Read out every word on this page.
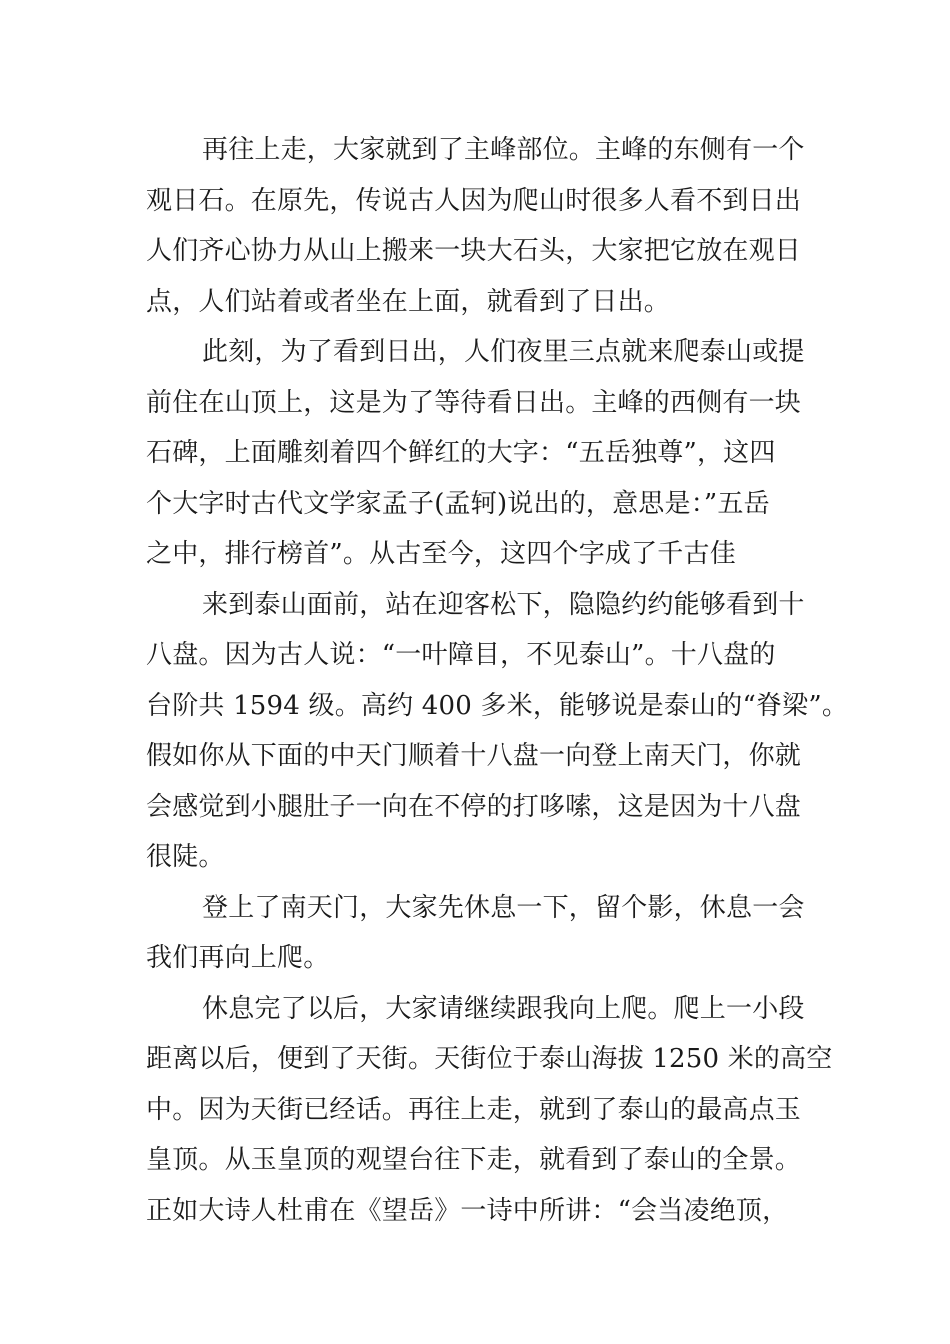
再往上走，大家就到了主峰部位。主峰的东侧有一个
观日石。在原先，传说古人因为爬山时很多人看不到日出
人们齐心协力从山上搬来一块大石头，大家把它放在观日
点，人们站着或者坐在上面，就看到了日出。

此刻，为了看到日出，人们夜里三点就来爬泰山或提
前住在山顶上，这是为了等待看日出。主峰的西侧有一块
石碑，上面雕刻着四个鲜红的大字：“五岳独尊”，这四
个大字时古代文学家孟子(孟轲)说出的，意思是：”五岳
之中，排行榜首”。从古至今，这四个字成了千古佳

来到泰山面前，站在迎客松下，隐隐约约能够看到十
八盘。因为古人说：“一叶障目，不见泰山”。十八盘的
台阶共 1594 级。高约 400 多米，能够说是泰山的“脊梁”。
假如你从下面的中天门顺着十八盘一向登上南天门，你就
会感觉到小腿肚子一向在不停的打哆嗦，这是因为十八盘
很陡。

登上了南天门，大家先休息一下，留个影，休息一会
我们再向上爬。

休息完了以后，大家请继续跟我向上爬。爬上一小段
距离以后，便到了天街。天街位于泰山海拔 1250 米的高空
中。因为天街已经话。再往上走，就到了泰山的最高点玉
皇顶。从玉皇顶的观望台往下走，就看到了泰山的全景。
正如大诗人杜甫在《望岳》一诗中所讲：“会当凌绝顶，
